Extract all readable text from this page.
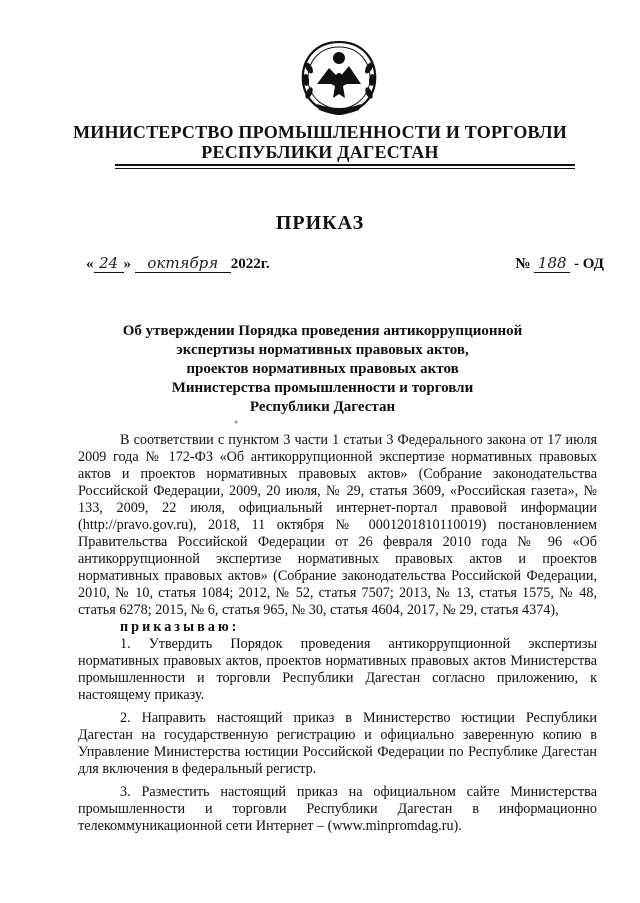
МИНИСТЕРСТВО ПРОМЫШЛЕННОСТИ И ТОРГОВЛИ
РЕСПУБЛИКИ ДАГЕСТАН
ПРИКАЗ
« 24 » октября 2022г.	№ 188 - ОД
Об утверждении Порядка проведения антикоррупционной
экспертизы нормативных правовых актов,
проектов нормативных правовых актов
Министерства промышленности и торговли
Республики Дагестан
∘

В соответствии с пунктом 3 части 1 статьи 3 Федерального закона от 17 июля 2009 года № 172-ФЗ «Об антикоррупционной экспертизе нормативных правовых актов и проектов нормативных правовых актов» (Собрание законодательства Российской Федерации, 2009, 20 июля, № 29, статья 3609, «Российская газета», № 133, 2009, 22 июля, официальный интернет-портал правовой информации (http://pravo.gov.ru), 2018, 11 октября № 0001201810110019) постановлением Правительства Российской Федерации от 26 февраля 2010 года № 96 «Об антикоррупционной экспертизе нормативных правовых актов и проектов нормативных правовых актов» (Собрание законодательства Российской Федерации, 2010, № 10, статья 1084; 2012, № 52, статья 7507; 2013, № 13, статья 1575, № 48, статья 6278; 2015, № 6, статья 965, № 30, статья 4604, 2017, № 29, статья 4374),

приказываю:

1. Утвердить Порядок проведения антикоррупционной экспертизы нормативных правовых актов, проектов нормативных правовых актов Министерства промышленности и торговли Республики Дагестан согласно приложению, к настоящему приказу.

2. Направить настоящий приказ в Министерство юстиции Республики Дагестан на государственную регистрацию и официально заверенную копию в Управление Министерства юстиции Российской Федерации по Республике Дагестан для включения в федеральный регистр.

3. Разместить настоящий приказ на официальном сайте Министерства промышленности и торговли Республики Дагестан в информационно телекоммуникационной сети Интернет – (www.minpromdag.ru).
